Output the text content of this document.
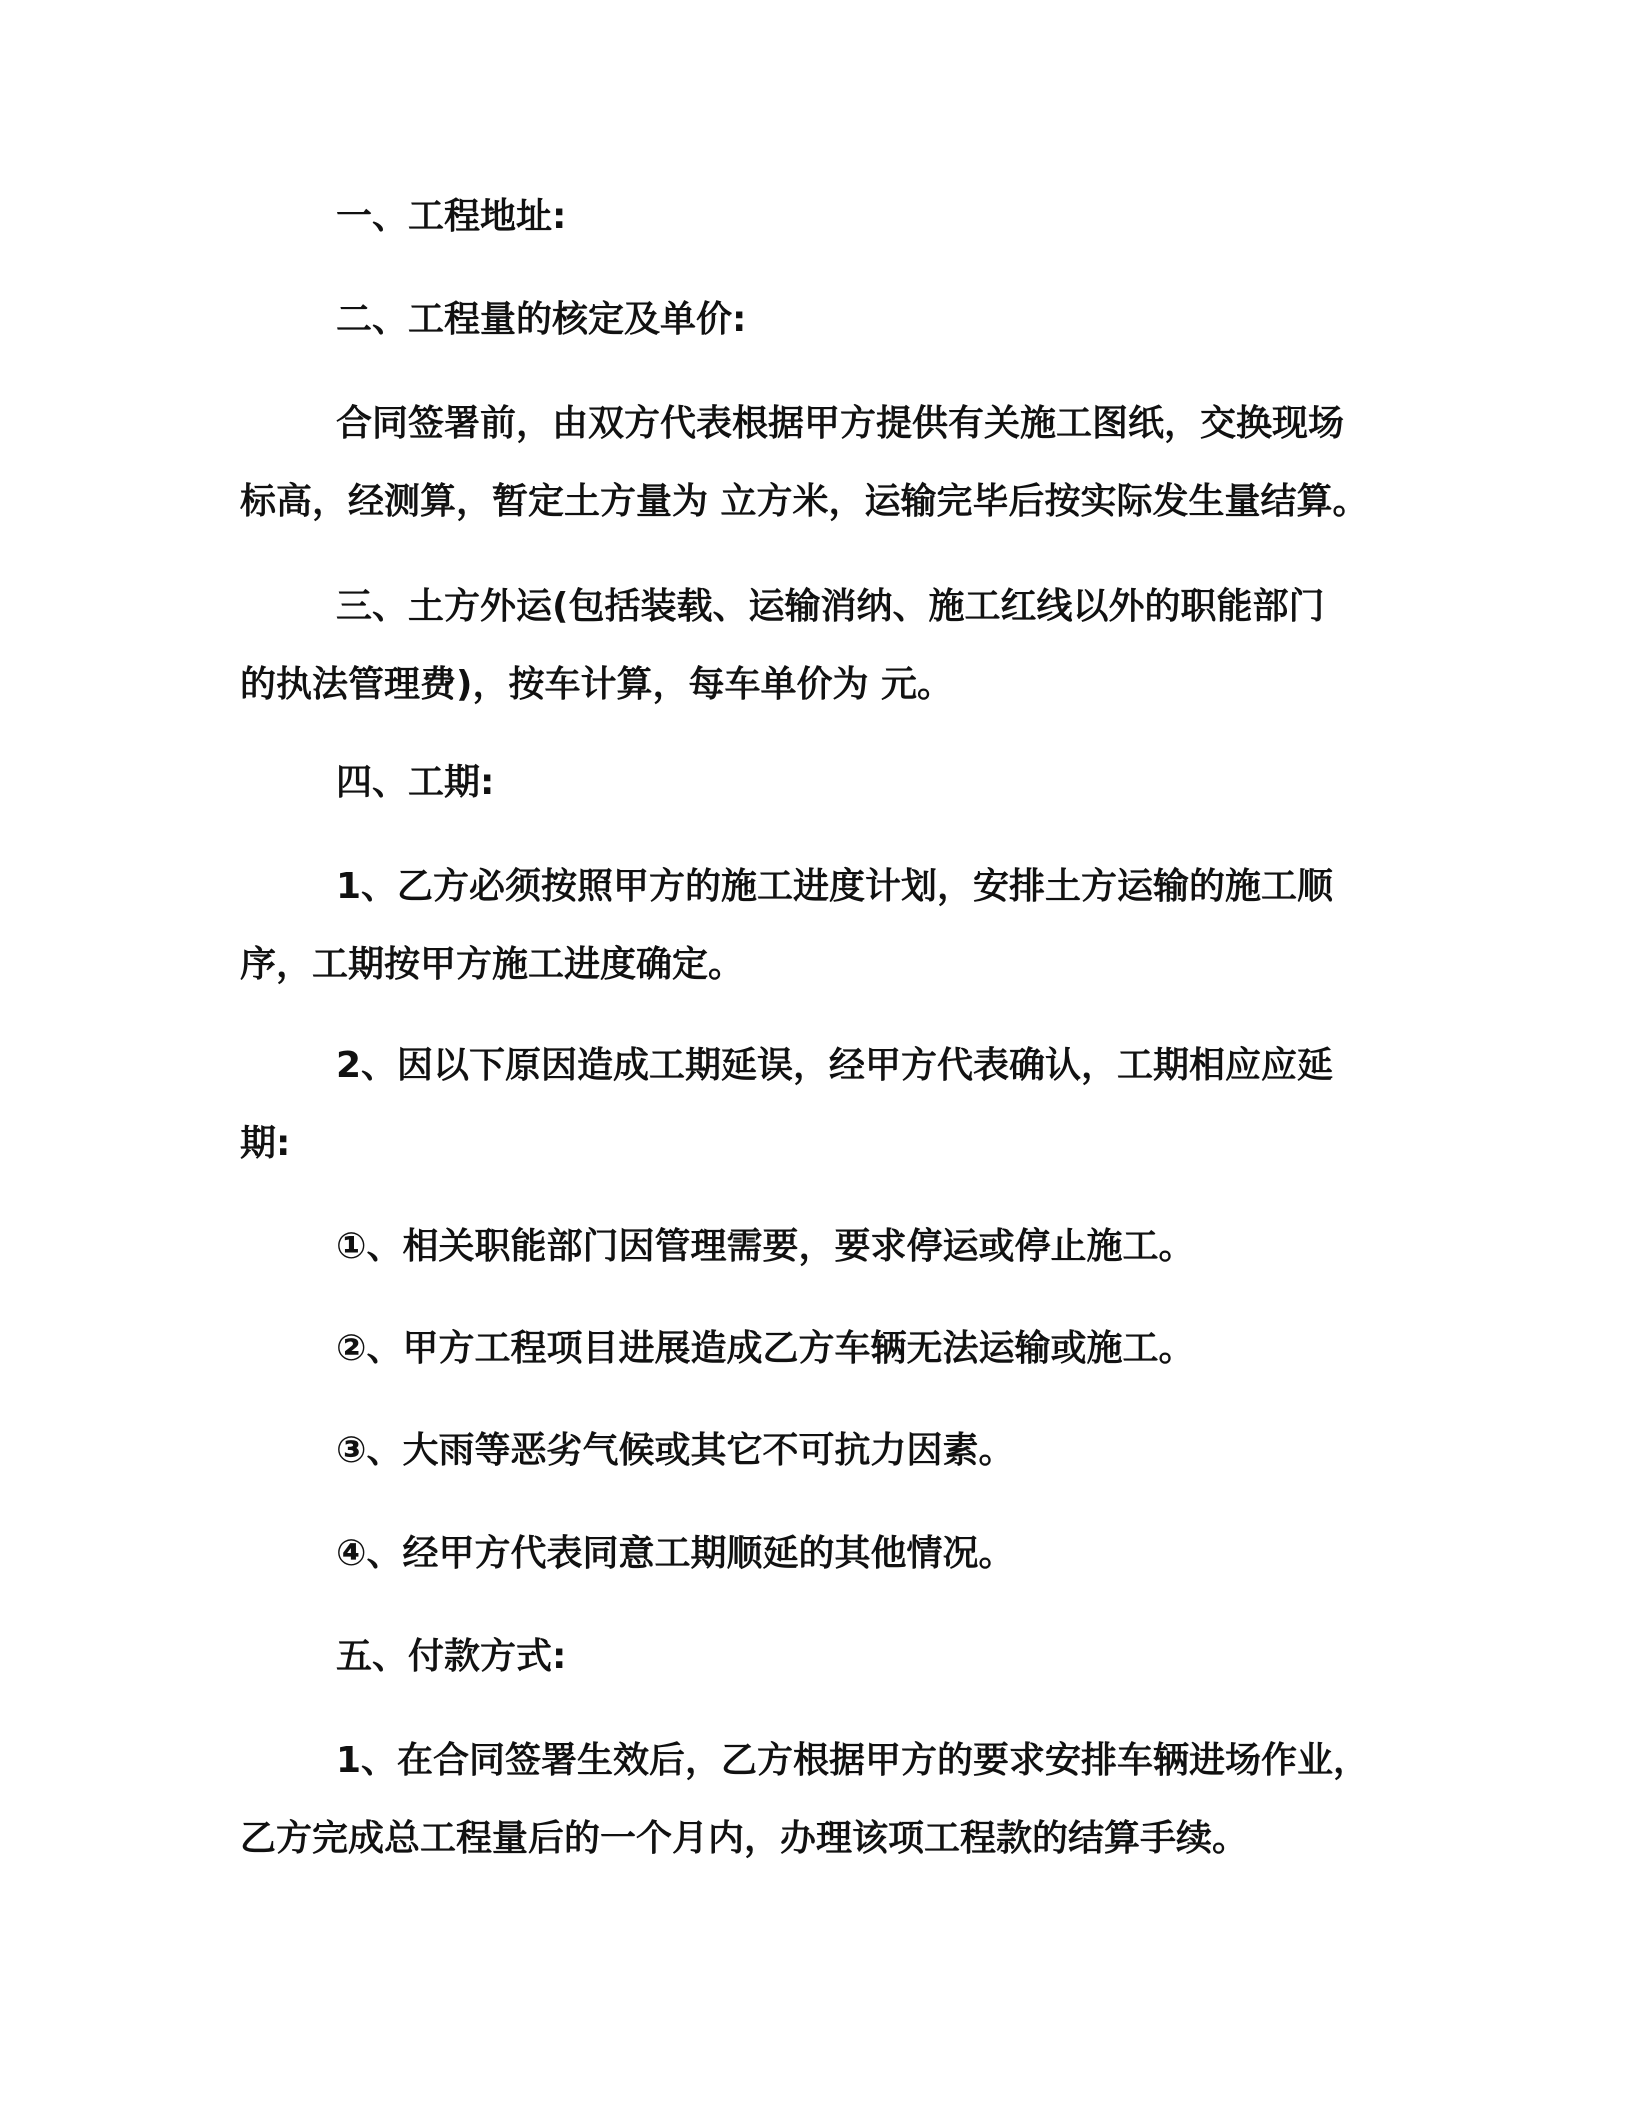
一、工程地址:
二、工程量的核定及单价:
合同签署前，由双方代表根据甲方提供有关施工图纸，交换现场
标高，经测算，暂定土方量为 立方米，运输完毕后按实际发生量结算。
三、土方外运(包括装载、运输消纳、施工红线以外的职能部门
的执法管理费)，按车计算，每车单价为 元。
四、工期:
1、乙方必须按照甲方的施工进度计划，安排土方运输的施工顺
序，工期按甲方施工进度确定。
2、因以下原因造成工期延误，经甲方代表确认，工期相应应延
期:
①、相关职能部门因管理需要，要求停运或停止施工。
②、甲方工程项目进展造成乙方车辆无法运输或施工。
③、大雨等恶劣气候或其它不可抗力因素。
④、经甲方代表同意工期顺延的其他情况。
五、付款方式:
1、在合同签署生效后，乙方根据甲方的要求安排车辆进场作业，
乙方完成总工程量后的一个月内，办理该项工程款的结算手续。
